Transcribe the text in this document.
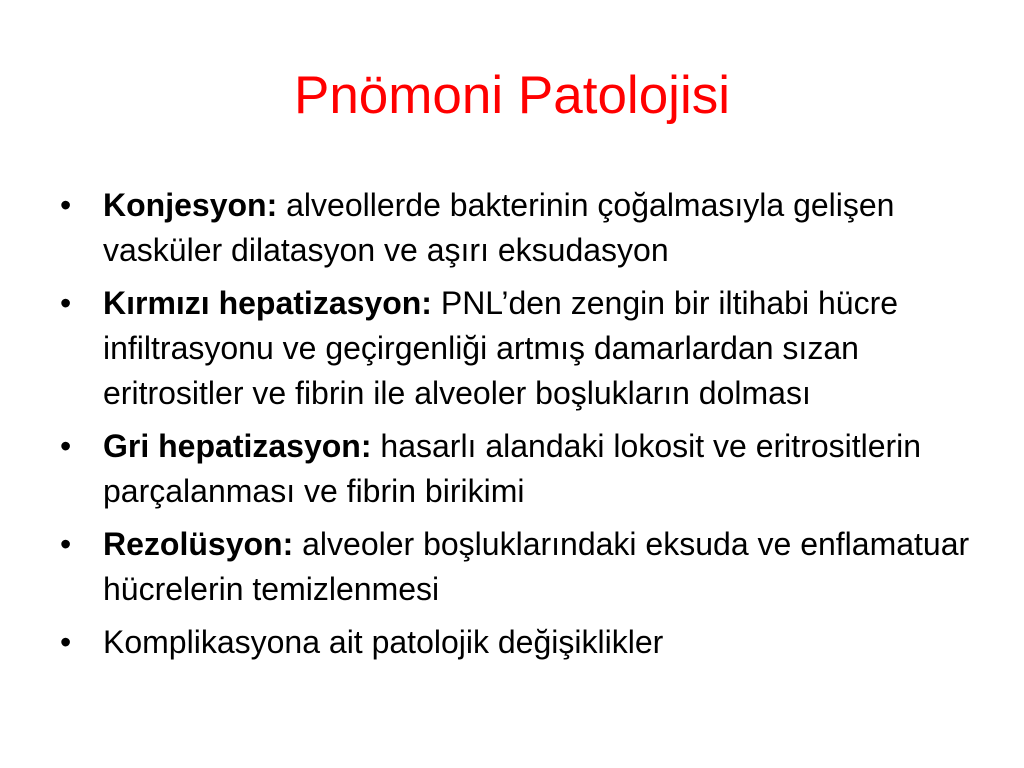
Pnömoni Patolojisi
• Konjesyon: alveollerde bakterinin çoğalmasıyla gelişen vasküler dilatasyon ve aşırı eksudasyon
• Kırmızı hepatizasyon: PNL’den zengin bir iltihabi hücre infiltrasyonu ve geçirgenliği artmış damarlardan sızan eritrositler ve fibrin ile alveoler boşlukların dolması
• Gri hepatizasyon: hasarlı alandaki lokosit ve eritrositlerin parçalanması ve fibrin birikimi
• Rezolüsyon: alveoler boşluklarındaki eksuda ve enflamatuar hücrelerin temizlenmesi
• Komplikasyona ait patolojik değişiklikler
